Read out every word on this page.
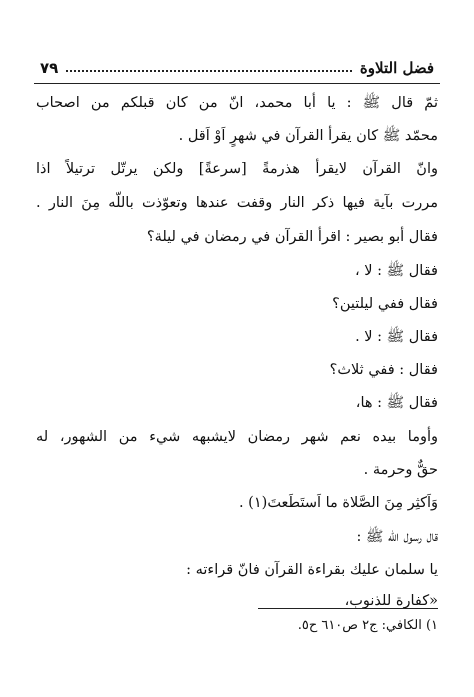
فضل التلاوة
٧٩
ثمّ قال ﷺ : يا أبا محمد، انّ من كان قبلكم من اصحاب
محمّد ﷺ كان يقرأ القرآن في شهرٍ اَوْ اَقل .
وانّ القرآن لايقرأ هذرمةً [سرعةً] ولكن يرتّل ترتيلاً اذا
مررت بآية فيها ذكر النار وقفت عندها وتعوّذت باللّه مِنَ النار .
فقال أبو بصير : اقرأ القرآن في رمضان في ليلة؟
فقال ﷺ : لا ،
فقال ففي ليلتين؟
فقال ﷺ : لا .
فقال : ففي ثلاث؟
فقال ﷺ : ها،
وأوما بيده نعم شهر رمضان لايشبهه شيء من الشهور، له
حقٌّ وحرمة .
وَاَكثِر مِنَ الصَّلاة ما اَستَطَعتَ(١) .
قال رسول اللّه ﷺ :
يا سلمان عليك بقراءة القرآن فانّ قراءته :
«كفارة للذنوب،
١) الكافي: ج٢ ص٦١٠ ح٥.
